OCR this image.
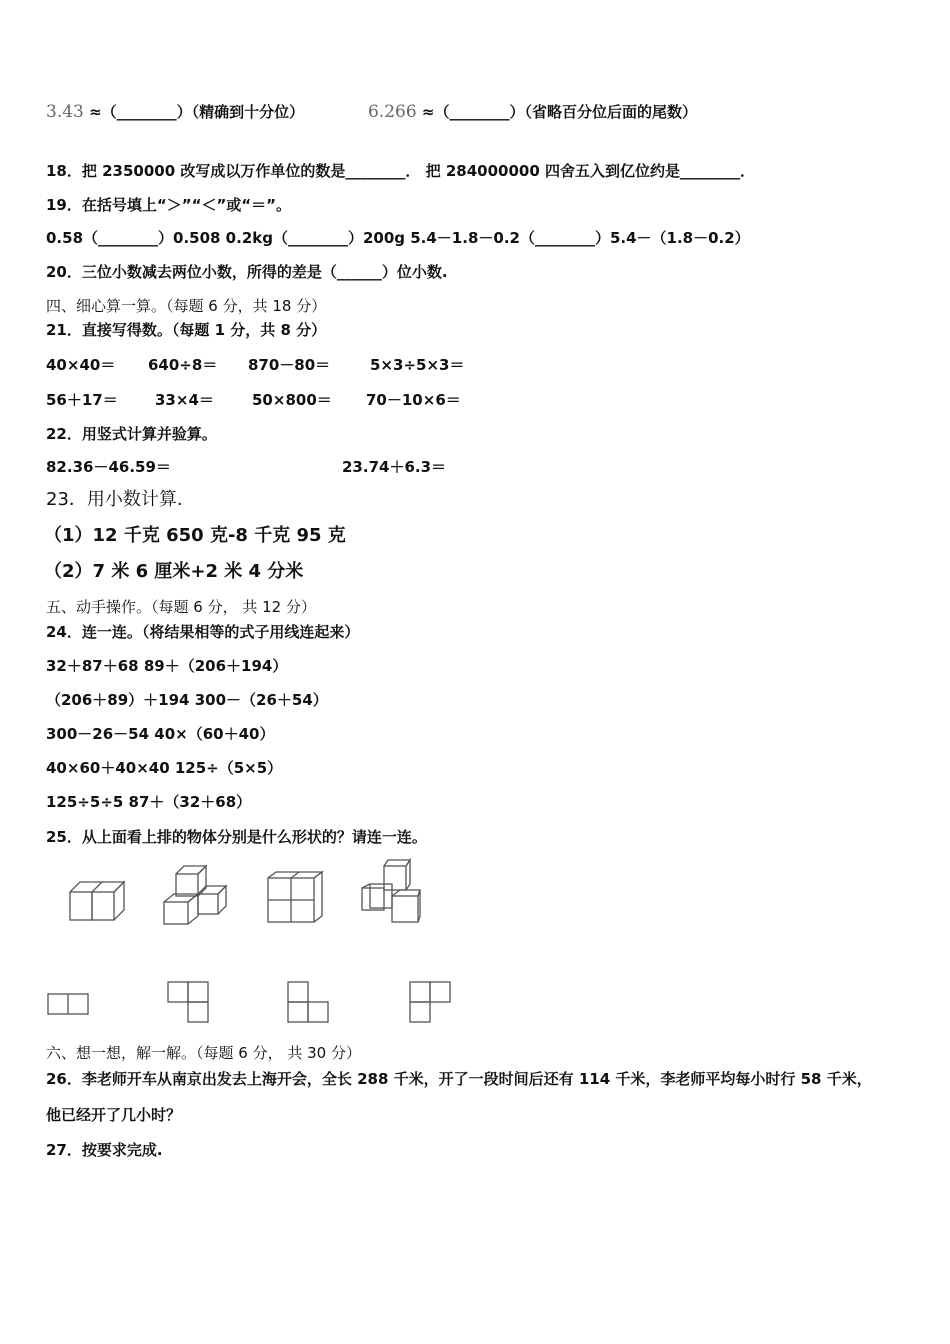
3.43 ≈（________）（精确到十分位）	6.266 ≈（________）（省略百分位后面的尾数）
18．把 2350000 改写成以万作单位的数是________． 把 284000000 四舍五入到亿位约是________．
19．在括号填上“＞”“＜”或“＝”。
0.58（________）0.508 0.2kg（________）200g 5.4－1.8－0.2（________）5.4－（1.8－0.2）
20．三位小数减去两位小数，所得的差是（______）位小数.
四、细心算一算。（每题 6 分，共 18 分）
21．直接写得数。（每题 1 分，共 8 分）
40×40＝ 640÷8＝ 870－80＝	5×3÷5×3＝
56＋17＝ 33×4＝	50×800＝ 70－10×6＝
22．用竖式计算并验算。
82.36－46.59＝	23.74＋6.3＝
23．用小数计算.
（1）12 千克 650 克-8 千克 95 克
（2）7 米 6 厘米+2 米 4 分米
五、动手操作。（每题 6 分， 共 12 分）
24．连一连。（将结果相等的式子用线连起来）
32＋87＋68 89＋（206＋194）
（206＋89）＋194 300－（26＋54）
300－26－54 40×（60＋40）
40×60＋40×40 125÷（5×5）
125÷5÷5 87＋（32＋68）
25．从上面看上排的物体分别是什么形状的？请连一连。
六、想一想，解一解。（每题 6 分， 共 30 分）
26．李老师开车从南京出发去上海开会，全长 288 千米，开了一段时间后还有 114 千米，李老师平均每小时行 58 千米，
他已经开了几小时？
27．按要求完成.
